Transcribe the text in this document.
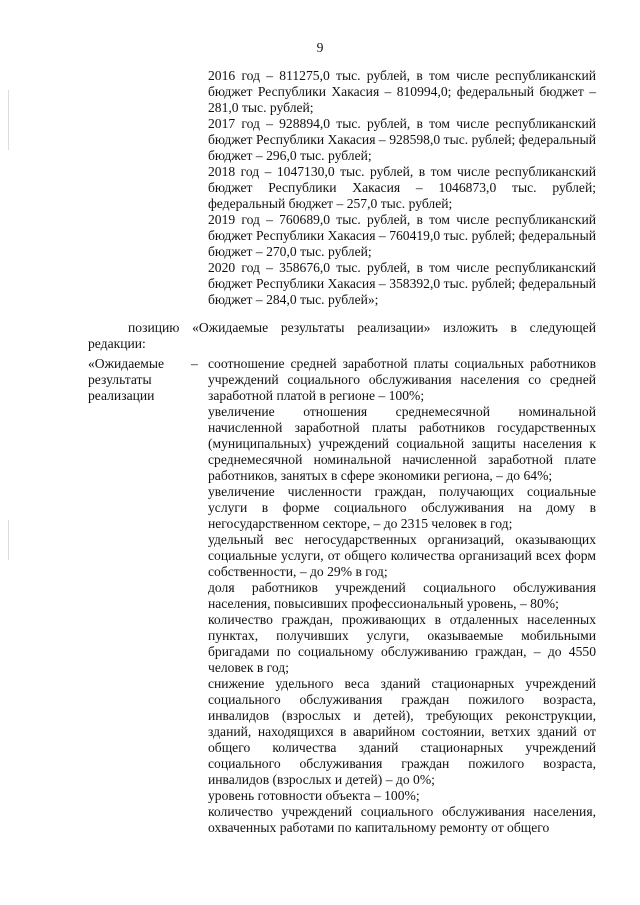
9

2016 год – 811275,0 тыс. рублей, в том числе республиканский бюджет Республики Хакасия – 810994,0; федеральный бюджет – 281,0 тыс. рублей;

2017 год – 928894,0 тыс. рублей, в том числе республиканский бюджет Республики Хакасия – 928598,0 тыс. рублей; федеральный бюджет – 296,0 тыс. рублей;

2018 год – 1047130,0 тыс. рублей, в том числе республиканский бюджет Республики Хакасия – 1046873,0 тыс. рублей; федеральный бюджет – 257,0 тыс. рублей;

2019 год – 760689,0 тыс. рублей, в том числе республиканский бюджет Республики Хакасия – 760419,0 тыс. рублей; федеральный бюджет – 270,0 тыс. рублей;

2020 год – 358676,0 тыс. рублей, в том числе республиканский бюджет Республики Хакасия – 358392,0 тыс. рублей; федеральный бюджет – 284,0 тыс. рублей»;

позицию «Ожидаемые результаты реализации» изложить в следующей редакции:

«Ожидаемые
результаты
реализации
– соотношение средней заработной платы социальных работников учреждений социального обслуживания населения со средней заработной платой в регионе – 100%;

увеличение отношения среднемесячной номинальной начисленной заработной платы работников государственных (муниципальных) учреждений социальной защиты населения к среднемесячной номинальной начисленной заработной плате работников, занятых в сфере экономики региона, – до 64%;

увеличение численности граждан, получающих социальные услуги в форме социального обслуживания на дому в негосударственном секторе, – до 2315 человек в год;

удельный вес негосударственных организаций, оказывающих социальные услуги, от общего количества организаций всех форм собственности, – до 29% в год;

доля работников учреждений социального обслуживания населения, повысивших профессиональный уровень, – 80%;

количество граждан, проживающих в отдаленных населенных пунктах, получивших услуги, оказываемые мобильными бригадами по социальному обслуживанию граждан, – до 4550 человек в год;

снижение удельного веса зданий стационарных учреждений социального обслуживания граждан пожилого возраста, инвалидов (взрослых и детей), требующих реконструкции, зданий, находящихся в аварийном состоянии, ветхих зданий от общего количества зданий стационарных учреждений социального обслуживания граждан пожилого возраста, инвалидов (взрослых и детей) – до 0%;

уровень готовности объекта – 100%;

количество учреждений социального обслуживания населения, охваченных работами по капитальному ремонту от общего
